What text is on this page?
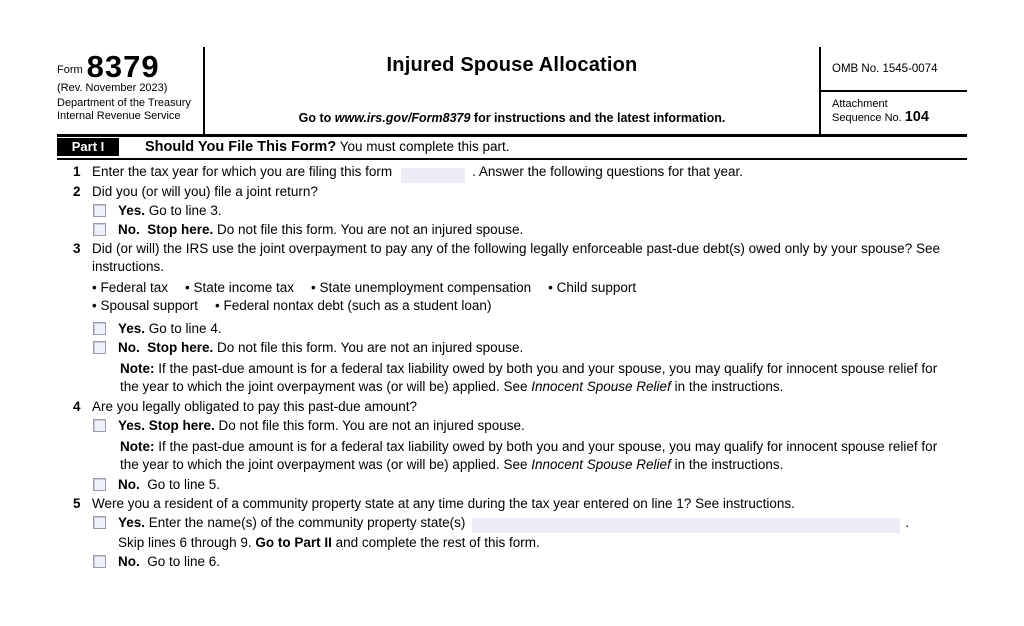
Form 8379
(Rev. November 2023)
Department of the Treasury
Internal Revenue Service
Injured Spouse Allocation
Go to www.irs.gov/Form8379 for instructions and the latest information.
OMB No. 1545-0074
Attachment
Sequence No. 104
Part I	Should You File This Form? You must complete this part.
1 Enter the tax year for which you are filing this form	. Answer the following questions for that year.
2 Did you (or will you) file a joint return?
Yes. Go to line 3.
No.  Stop here. Do not file this form. You are not an injured spouse.
3 Did (or will) the IRS use the joint overpayment to pay any of the following legally enforceable past-due debt(s) owed only by your spouse? See instructions.
• Federal tax • State income tax • State unemployment compensation • Child support
• Spousal support • Federal nontax debt (such as a student loan)
Yes. Go to line 4.
No.  Stop here. Do not file this form. You are not an injured spouse.
Note: If the past-due amount is for a federal tax liability owed by both you and your spouse, you may qualify for innocent spouse relief for the year to which the joint overpayment was (or will be) applied. See Innocent Spouse Relief in the instructions.
4 Are you legally obligated to pay this past-due amount?
Yes. Stop here. Do not file this form. You are not an injured spouse.
Note: If the past-due amount is for a federal tax liability owed by both you and your spouse, you may qualify for innocent spouse relief for the year to which the joint overpayment was (or will be) applied. See Innocent Spouse Relief in the instructions.
No.  Go to line 5.
5 Were you a resident of a community property state at any time during the tax year entered on line 1? See instructions.
Yes. Enter the name(s) of the community property state(s)	.
Skip lines 6 through 9. Go to Part II and complete the rest of this form.
No.  Go to line 6.
